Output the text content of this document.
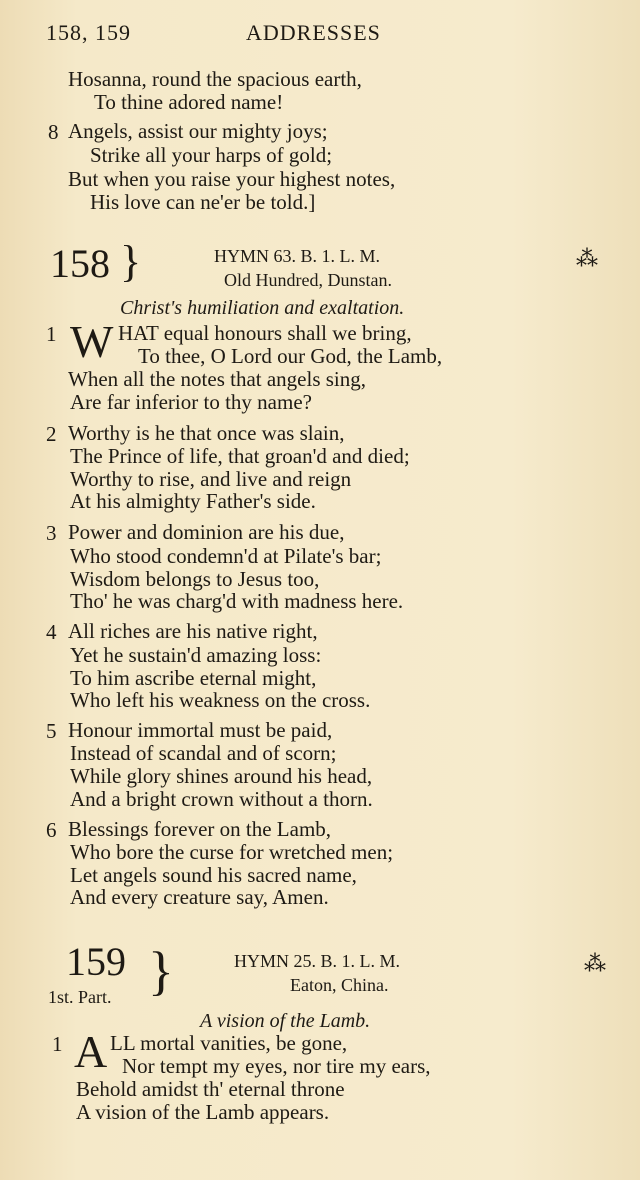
158, 159	ADDRESSES
Hosanna, round the spacious earth,
To thine adored name!
8 Angels, assist our mighty joys;
Strike all your harps of gold;
But when you raise your highest notes,
His love can ne'er be told.]
158 }	HYMN 63. B. 1. L. M.
Old Hundred, Dunstan.
⁂
Christ's humiliation and exaltation.
1 W HAT equal honours shall we bring,
To thee, O Lord our God, the Lamb,
When all the notes that angels sing,
Are far inferior to thy name?
2 Worthy is he that once was slain,
The Prince of life, that groan'd and died;
Worthy to rise, and live and reign
At his almighty Father's side.
3 Power and dominion are his due,
Who stood condemn'd at Pilate's bar;
Wisdom belongs to Jesus too,
Tho' he was charg'd with madness here.
4 All riches are his native right,
Yet he sustain'd amazing loss:
To him ascribe eternal might,
Who left his weakness on the cross.
5 Honour immortal must be paid,
Instead of scandal and of scorn;
While glory shines around his head,
And a bright crown without a thorn.
6 Blessings forever on the Lamb,
Who bore the curse for wretched men;
Let angels sound his sacred name,
And every creature say, Amen.
159
1st. Part. }	HYMN 25. B. 1. L. M.
Eaton, China.
⁂
A vision of the Lamb.
1 A LL mortal vanities, be gone,
Nor tempt my eyes, nor tire my ears,
Behold amidst th' eternal throne
A vision of the Lamb appears.
